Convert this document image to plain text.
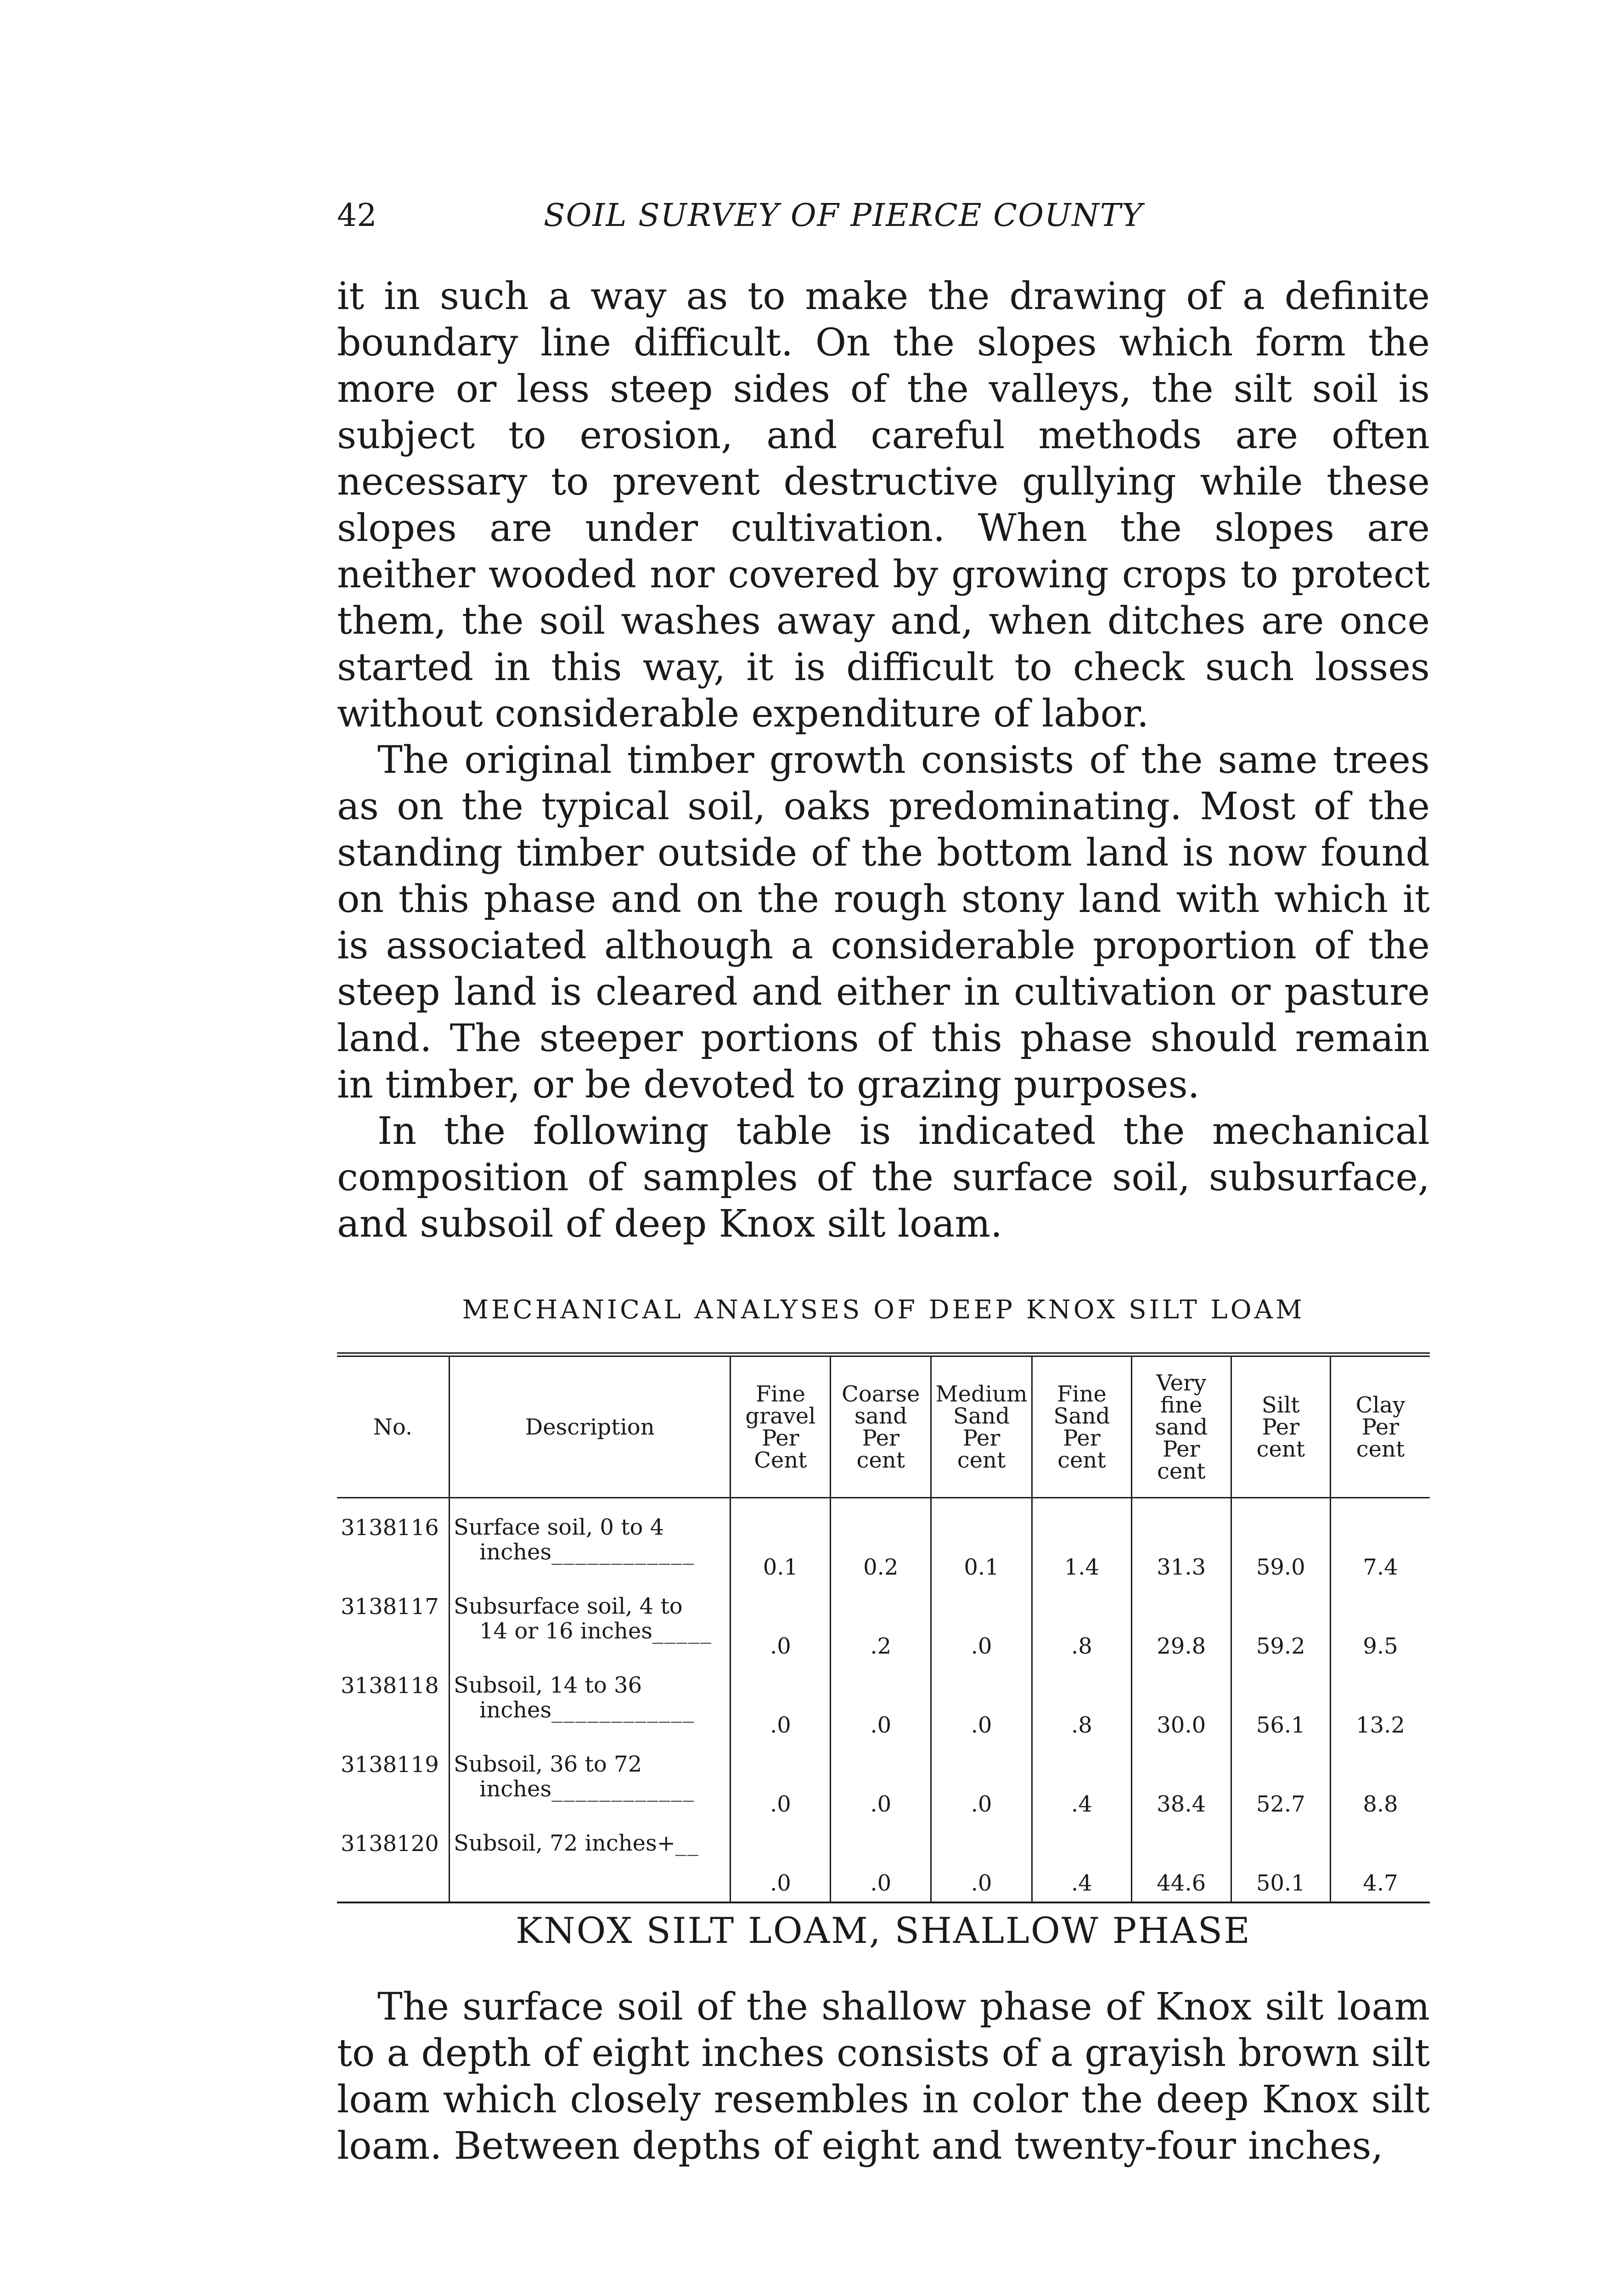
42	SOIL SURVEY OF PIERCE COUNTY

it in such a way as to make the drawing of a definite boundary line difficult. On the slopes which form the more or less steep sides of the valleys, the silt soil is subject to erosion, and careful methods are often necessary to prevent destructive gullying while these slopes are under cultivation. When the slopes are neither wooded nor covered by growing crops to protect them, the soil washes away and, when ditches are once started in this way, it is difficult to check such losses without considerable expenditure of labor.

The original timber growth consists of the same trees as on the typical soil, oaks predominating. Most of the standing timber outside of the bottom land is now found on this phase and on the rough stony land with which it is associated although a considerable proportion of the steep land is cleared and either in cultivation or pasture land. The steeper portions of this phase should remain in timber, or be devoted to grazing purposes.

In the following table is indicated the mechanical composition of samples of the surface soil, subsurface, and subsoil of deep Knox silt loam.

MECHANICAL ANALYSES OF DEEP KNOX SILT LOAM
No.	Description	Fine
gravel
Per
Cent	Coarse
sand
Per
cent	Medium
Sand
Per
cent	Fine
Sand
Per
cent	Very
fine
sand
Per
cent	Silt
Per
cent	Clay
Per
cent
3138116	Surface soil, 0 to 4
inches____________	0.1	0.2	0.1	1.4	31.3	59.0	7.4
3138117	Subsurface soil, 4 to
14 or 16 inches_____	.0	.2	.0	.8	29.8	59.2	9.5
3138118	Subsoil, 14 to 36
inches____________	.0	.0	.0	.8	30.0	56.1	13.2
3138119	Subsoil, 36 to 72
inches____________	.0	.0	.0	.4	38.4	52.7	8.8
3138120	Subsoil, 72 inches+__	.0	.0	.0	.4	44.6	50.1	4.7
KNOX SILT LOAM, SHALLOW PHASE

The surface soil of the shallow phase of Knox silt loam to a depth of eight inches consists of a grayish brown silt loam which closely resembles in color the deep Knox silt loam. Between depths of eight and twenty-four inches,
